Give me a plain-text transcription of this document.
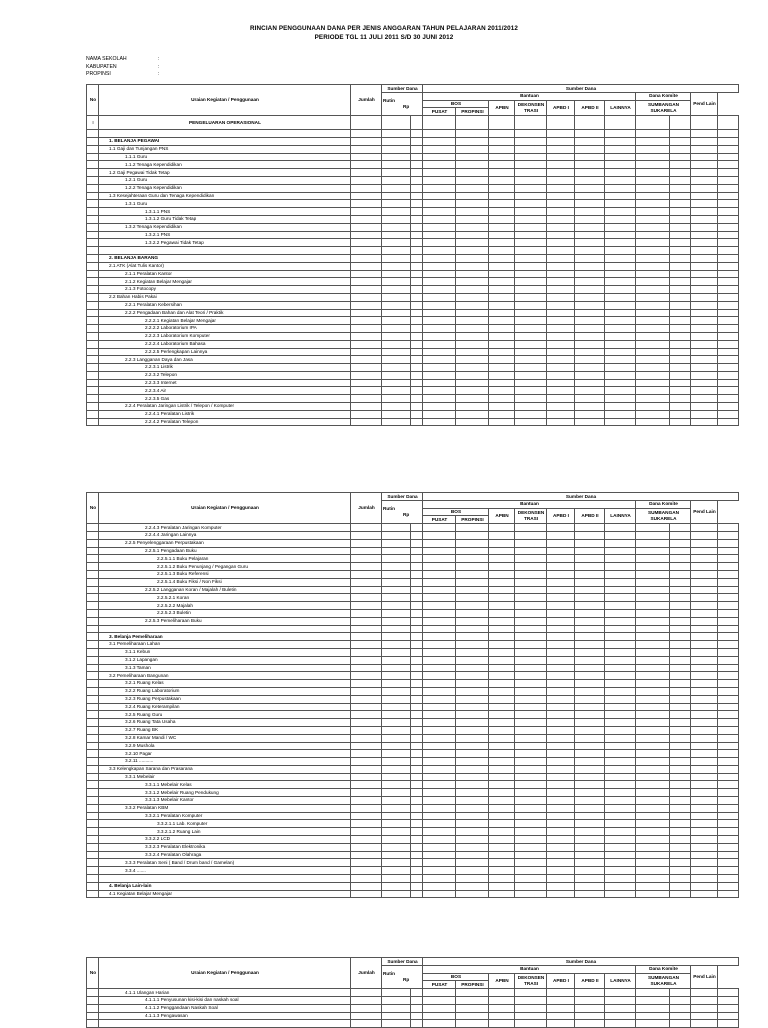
RINCIAN PENGGUNAAN DANA PER JENIS ANGGARAN TAHUN PELAJARAN 2011/2012
PERIODE TGL 11 JULI 2011 S/D 30 JUNI 2012
NAMA SEKOLAH	:
KABUPATEN	:
PROPINSI	:
No	Uraian Kegiatan / Penggunaan	Jumlah	Sumber Dana		Sumber Dana										
			Rutin
Rp		Bantuan							Dana Komite		Pend Lain	
					BOS		APBN	DEKONSEN TRASI	APBD I	APBD II	LAINNYA	SUMBANGAN SUKARELA			
					PUSAT	PROPINSI									
I	PENGELUARAN OPERASIONAL														

	1. BELANJA PEGAWAI														
	1.1 Gaji dan Tunjangan PNS														
	1.1.1 Guru														
	1.1.2 Tenaga Kependidikan														
	1.2 Gaji Pegawai Tidak Tetap														
	1.2.1 Guru														
	1.2.2 Tenaga Kependidikan														
	1.3 Kesejahteraan Guru dan Tenaga Kependidikan														
	1.3.1 Guru														
	1.3.1.1 PNS														
	1.3.1.2 Guru Tidak Tetap														
	1.3.2 Tenaga Kependidikan														
	1.3.2.1 PNS														
	1.3.2.2 Pegawai Tidak Tetap														

	2. BELANJA BARANG														
	2.1 ATK (Alat Tulis Kantor)														
	2.1.1 Peralatan Kantor														
	2.1.2 Kegiatan Belajar Mengajar														
	2.1.3 Fotocopy														
	2.2 Bahan Habis Pakai														
	2.2.1 Peralatan Kebersihan														
	2.2.2 Pengadaan Bahan dan Alat Teori / Praktik														
	2.2.2.1 Kegiatan Belajar Mengajar														
	2.2.2.2 Laboratorium IPA														
	2.2.2.3 Laboratorium Komputer														
	2.2.2.4 Laboratorium Bahasa														
	2.2.2.5 Perlengkapan Lainnya														
	2.2.3 Langganan Daya dan Jasa														
	2.2.3.1 Listrik														
	2.2.3.2 Telepon														
	2.2.3.3 Internet														
	2.2.3.4 Air														
	2.2.3.5 Gas														
	2.2.4 Peralatan Jaringan Listrik / Telepon / Komputer														
	2.2.4.1 Peralatan Listrik														
	2.2.4.2 Peralatan Telepon														
No	Uraian Kegiatan / Penggunaan	Jumlah	Sumber Dana		Sumber Dana										
			Rutin
Rp		Bantuan							Dana Komite		Pend Lain	
					BOS		APBN	DEKONSEN TRASI	APBD I	APBD II	LAINNYA	SUMBANGAN SUKARELA			
					PUSAT	PROPINSI									
	2.2.4.3 Peralatan Jaringan Komputer														
	2.2.4.4 Jaringan Lainnya														
	2.2.5 Penyelenggaraan Perpustakaan														
	2.2.5.1 Pengadaan Buku														
	2.2.5.1.1 Buku Pelajaran														
	2.2.5.1.2 Buku Penunjang / Pegangan Guru														
	2.2.5.1.3 Buku Referensi														
	2.2.5.1.4 Buku Fiksi / Non Fiksi														
	2.2.5.2 Langganan Koran / Majalah / Buletin														
	2.2.5.2.1 Koran														
	2.2.5.2.2 Majalah														
	2.2.5.2.3 Buletin														
	2.2.5.3 Pemeliharaan Buku														

	3. Belanja Pemeliharaan														
	3.1 Pemeliharaan Lahan														
	3.1.1 Kebun														
	3.1.2 Lapangan														
	3.1.3 Taman														
	3.2 Pemeliharaan Bangunan														
	3.2.1 Ruang Kelas														
	3.2.2 Ruang Laboratorium														
	3.2.3 Ruang Perpustakaan														
	3.2.4 Ruang Keterampilan														
	3.2.5 Ruang Guru														
	3.2.6 Ruang Tata Usaha														
	3.2.7 Ruang BK														
	3.2.8 Kamar Mandi / WC														
	3.2.9 Mushola														
	3.2.10 Pagar														
	3.2.11 ...........														
	3.3 Kelengkapan Sarana dan Prasarana														
	3.3.1 Mebelair														
	3.3.1.1 Mebelair Kelas														
	3.3.1.2 Mebelair Ruang Pendukung														
	3.3.1.3 Mebelair Kantor														
	3.3.2 Peralatan KBM														
	3.3.2.1 Peralatan Komputer														
	3.3.2.1.1 Lab. Komputer														
	3.3.2.1.2 Ruang Lain														
	3.3.2.2 LCD														
	3.3.2.3 Peralatan Elektronika														
	3.3.2.4 Peralatan Olahraga														
	3.3.3 Peralatan Seni ( Band / Drum band / Gamelan)														
	3.3.4 .......														

	4. Belanja Lain-lain														
	4.1 Kegiatan Belajar Mengajar														
No	Uraian Kegiatan / Penggunaan	Jumlah	Sumber Dana		Sumber Dana										
			Rutin
Rp		Bantuan							Dana Komite		Pend Lain	
					BOS		APBN	DEKONSEN TRASI	APBD I	APBD II	LAINNYA	SUMBANGAN SUKARELA			
					PUSAT	PROPINSI									
	4.1.1 Ulangan Harian														
	4.1.1.1 Penyusunan kisi-kisi dan naskah soal														
	4.1.1.2 Penggandaan Naskah Soal														
	4.1.1.3 Pengawasan														
